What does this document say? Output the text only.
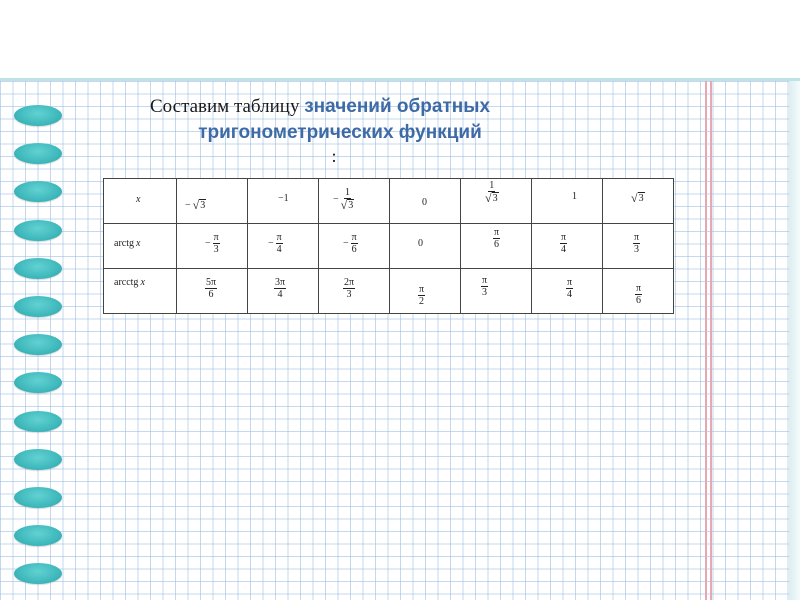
Составим таблицу значений обратных
тригонометрических функций
:
x	− √ 3	−1	− $\frac{1}{√ 3}$	0	$\frac{1}{√ 3}$	1	√ 3

arctg x	− $\frac{\pi}{3}$	− $\frac{\pi}{4}$	− $\frac{\pi}{6}$	0	$\frac{\pi}{6}$	$\frac{\pi}{4}$	$\frac{\pi}{3}$

arcctg x	$\frac{5\pi}{6}$	$\frac{3\pi}{4}$	$\frac{2\pi}{3}$	$\frac{\pi}{2}$	$\frac{\pi}{3}$	$\frac{\pi}{4}$	$\frac{\pi}{6}$
